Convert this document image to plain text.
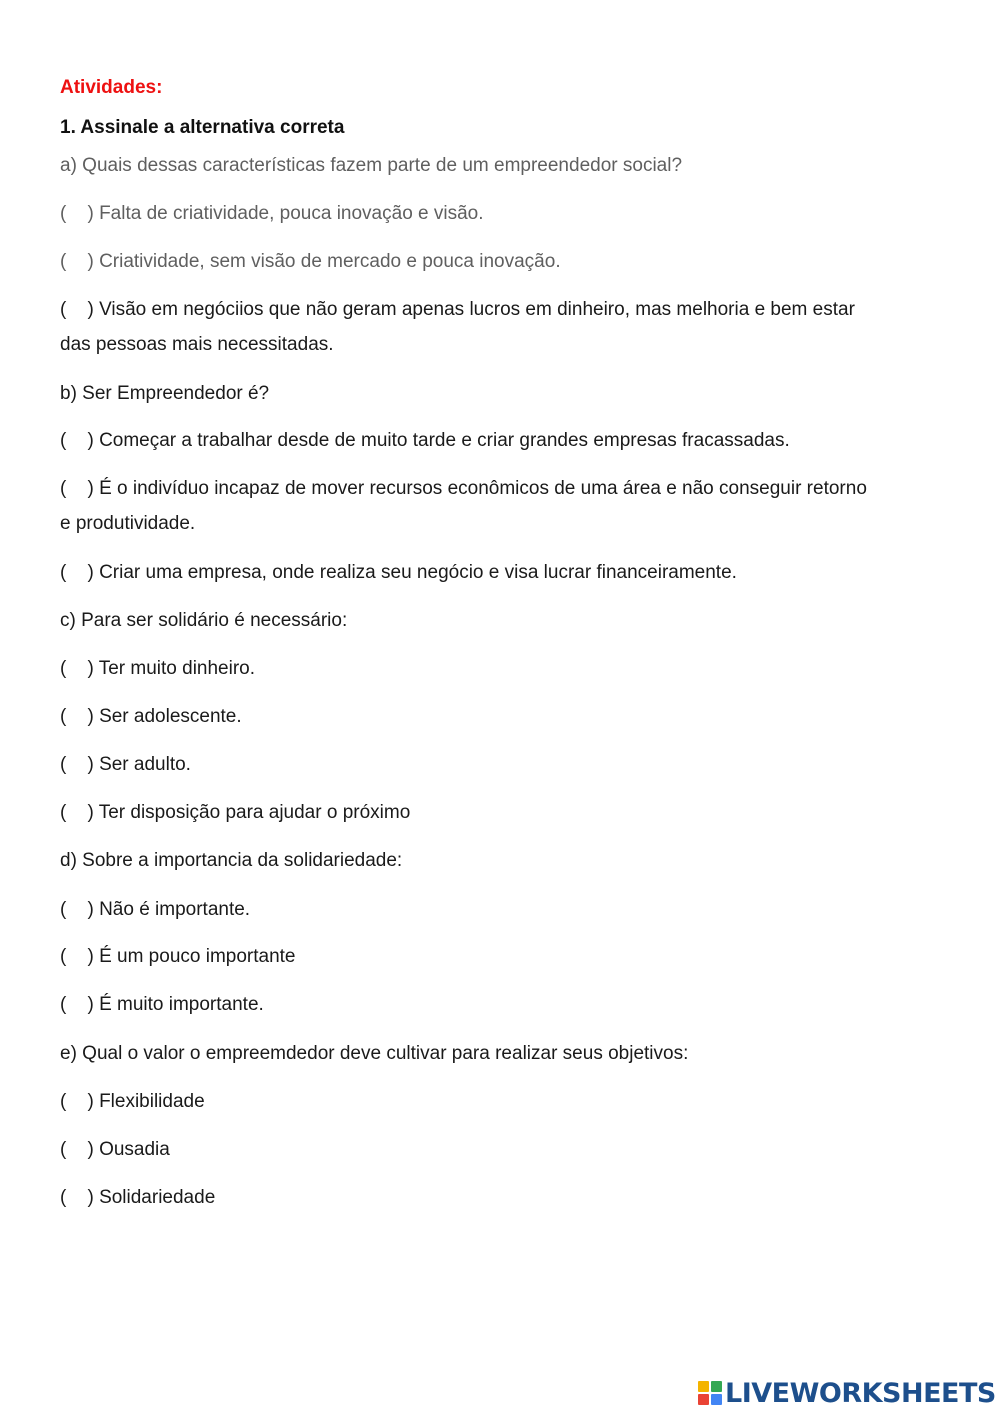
Atividades:
1. Assinale a alternativa correta
a) Quais dessas características fazem parte de um empreendedor social?
(    ) Falta de criatividade, pouca inovação e visão.
(    ) Criatividade, sem visão de mercado e pouca inovação.
(    ) Visão em negóciios que não geram apenas lucros em dinheiro, mas melhoria e bem estar das pessoas mais necessitadas.
b) Ser Empreendedor é?
(    ) Começar a trabalhar desde de muito tarde e criar grandes empresas fracassadas.
(    ) É o indivíduo incapaz de mover recursos econômicos de uma área e não conseguir retorno e produtividade.
(    ) Criar uma empresa, onde realiza seu negócio e visa lucrar financeiramente.
c) Para ser solidário é necessário:
(    ) Ter muito dinheiro.
(    ) Ser adolescente.
(    ) Ser adulto.
(    ) Ter disposição para ajudar o próximo
d) Sobre a importancia da solidariedade:
(    ) Não é importante.
(    ) É um pouco importante
(    ) É muito importante.
e) Qual o valor o empreemdedor deve cultivar para realizar seus objetivos:
(    ) Flexibilidade
(    ) Ousadia
(    ) Solidariedade
LIVEWORKSHEETS
